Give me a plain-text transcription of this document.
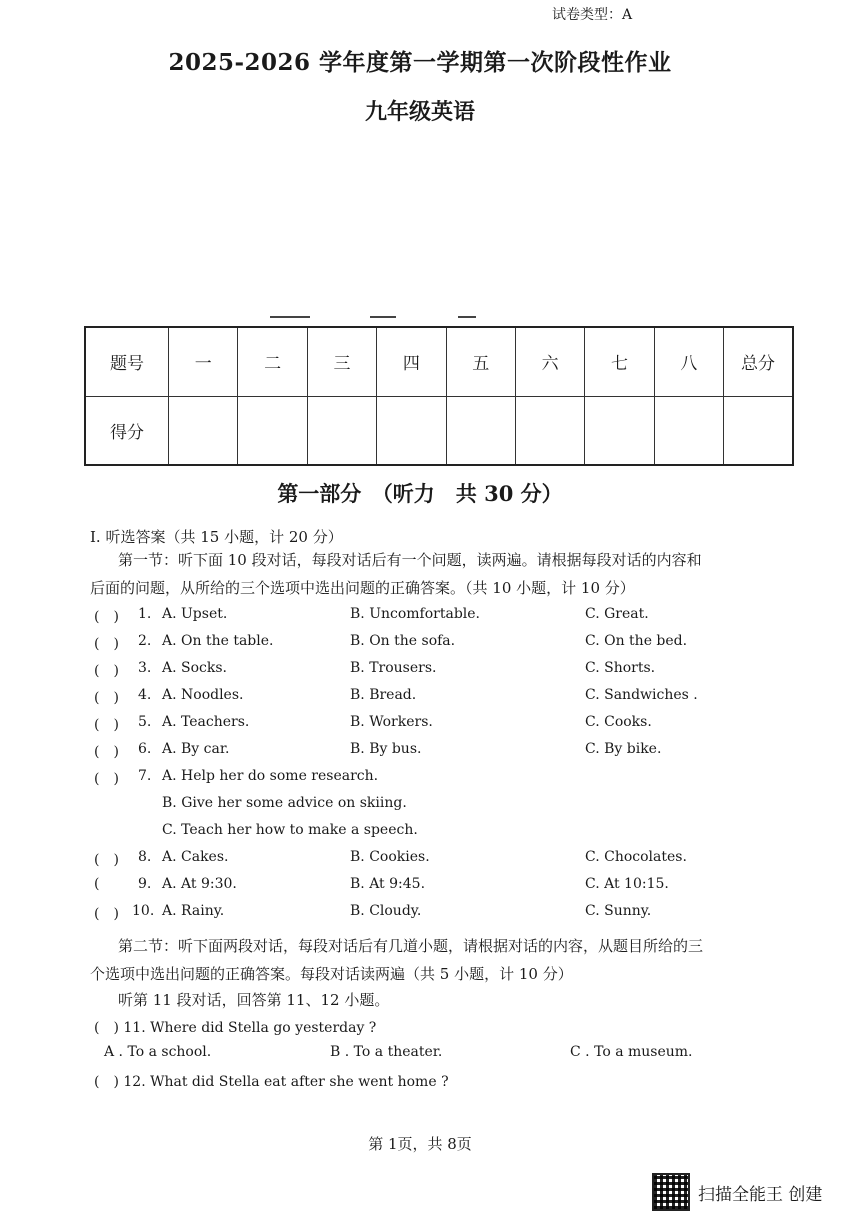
试卷类型：A
2025-2026 学年度第一学期第一次阶段性作业
九年级英语
题号	一	二	三	四	五	六	七	八	总分
得分									
第一部分　（听力　共 30 分）
Ⅰ. 听选答案（共 15 小题，计 20 分）
第一节：听下面 10 段对话，每段对话后有一个问题，读两遍。请根据每段对话的内容和
后面的问题，从所给的三个选项中选出问题的正确答案。（共 10 小题，计 10 分）
(　) 1. A. Upset.	B. Uncomfortable.	C. Great.
(　) 2. A. On the table.	B. On the sofa.	C. On the bed.
(　) 3. A. Socks.	B. Trousers.	C. Shorts.
(　) 4. A. Noodles.	B. Bread.	C. Sandwiches .
(　) 5. A. Teachers.	B. Workers.	C. Cooks.
(　) 6. A. By car.	B. By bus.	C. By bike.
(　) 7. A. Help her do some research.
B. Give her some advice on skiing.
C. Teach her how to make a speech.
(　) 8. A. Cakes.	B. Cookies.	C. Chocolates.
(	9. A. At 9:30.	B. At 9:45.	C. At 10:15.
(　) 10. A. Rainy.	B. Cloudy.	C. Sunny.
第二节：听下面两段对话，每段对话后有几道小题，请根据对话的内容，从题目所给的三
个选项中选出问题的正确答案。每段对话读两遍（共 5 小题，计 10 分）
听第 11 段对话，回答第 11、12 小题。
(　) 11. Where did Stella go yesterday ?
A . To a school.	B . To a theater.	C . To a museum.
(　) 12. What did Stella eat after she went home ?
第 1页，共 8页
扫描全能王 创建
